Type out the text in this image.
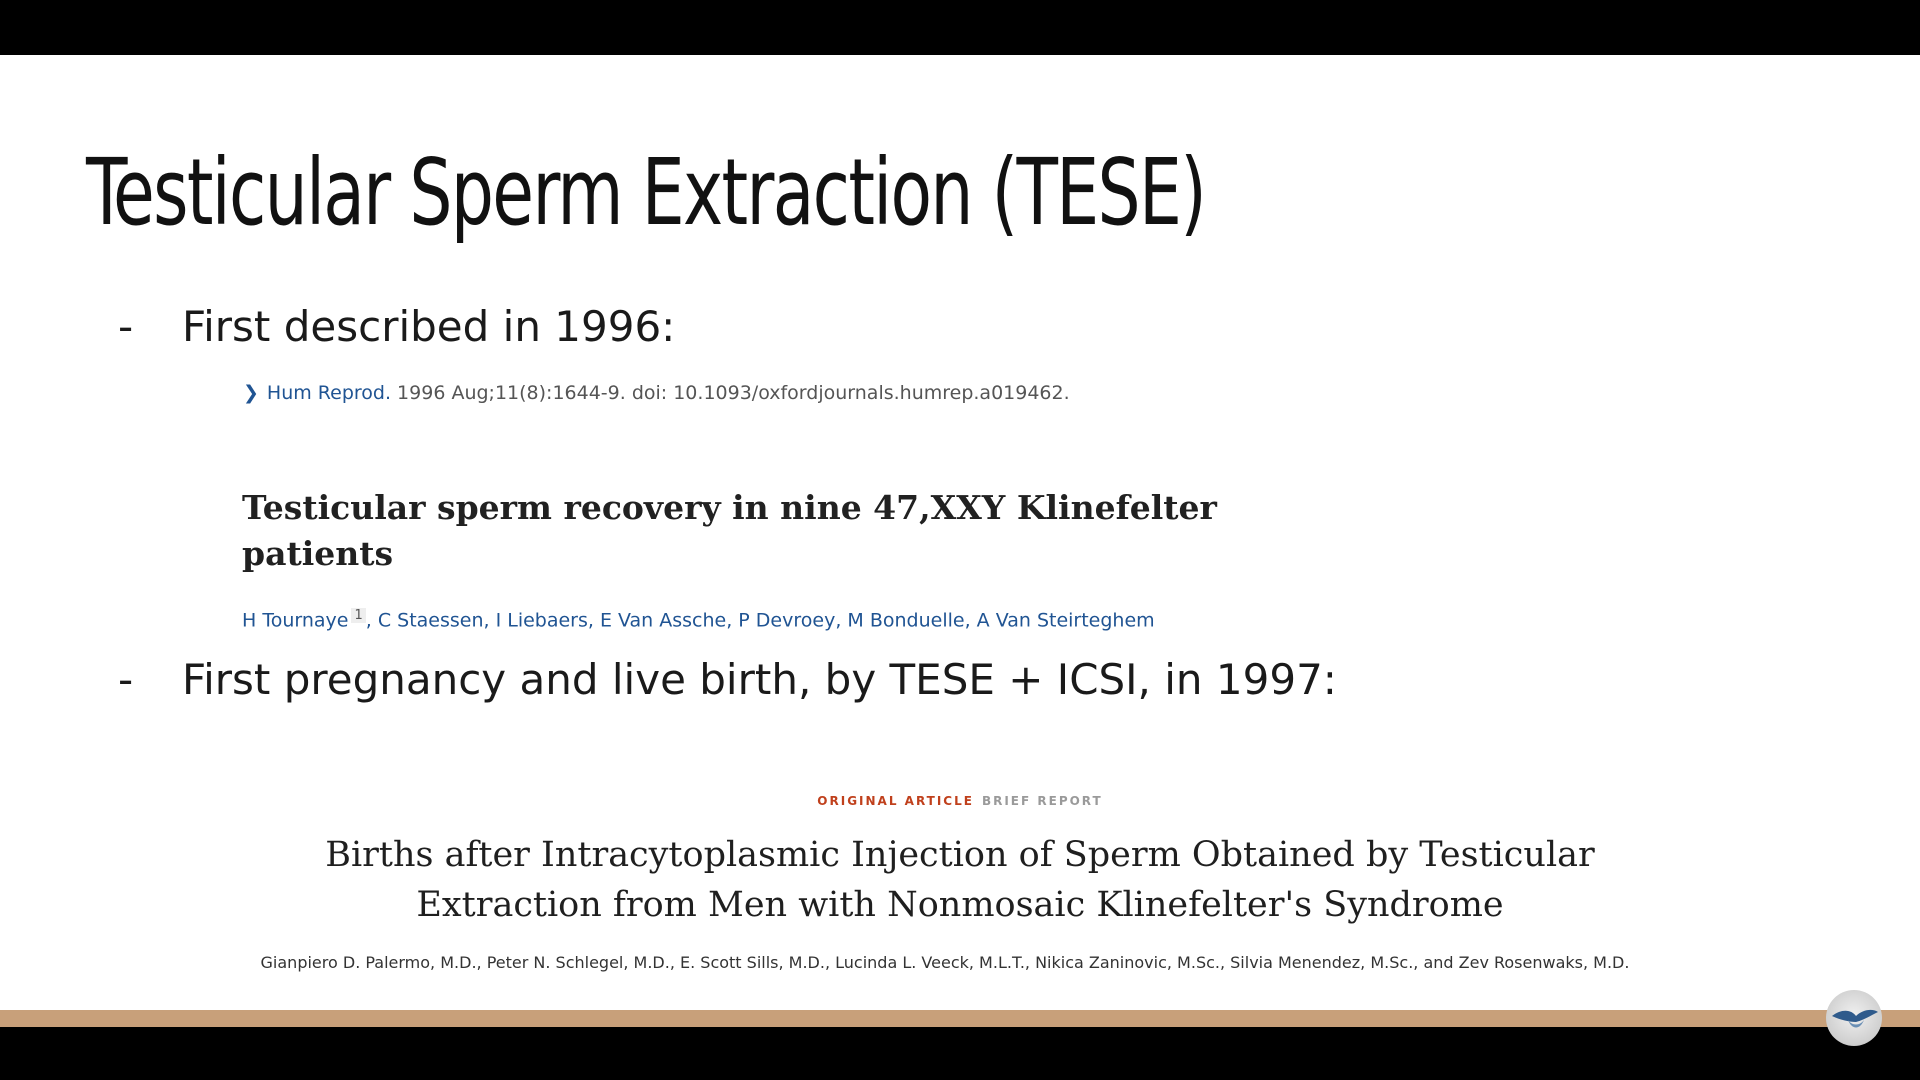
Testicular Sperm Extraction (TESE)
- First described in 1996:
❯ Hum Reprod. 1996 Aug;11(8):1644-9. doi: 10.1093/oxfordjournals.humrep.a019462.
Testicular sperm recovery in nine 47,XXY Klinefelter patients
H Tournaye $^1$ , C Staessen, I Liebaers, E Van Assche, P Devroey, M Bonduelle, A Van Steirteghem
- First pregnancy and live birth, by TESE + ICSI, in 1997:
ORIGINAL ARTICLE BRIEF REPORT
Births after Intracytoplasmic Injection of Sperm Obtained by Testicular
Extraction from Men with Nonmosaic Klinefelter's Syndrome
Gianpiero D. Palermo, M.D., Peter N. Schlegel, M.D., E. Scott Sills, M.D., Lucinda L. Veeck, M.L.T., Nikica Zaninovic, M.Sc., Silvia Menendez, M.Sc., and Zev Rosenwaks, M.D.
